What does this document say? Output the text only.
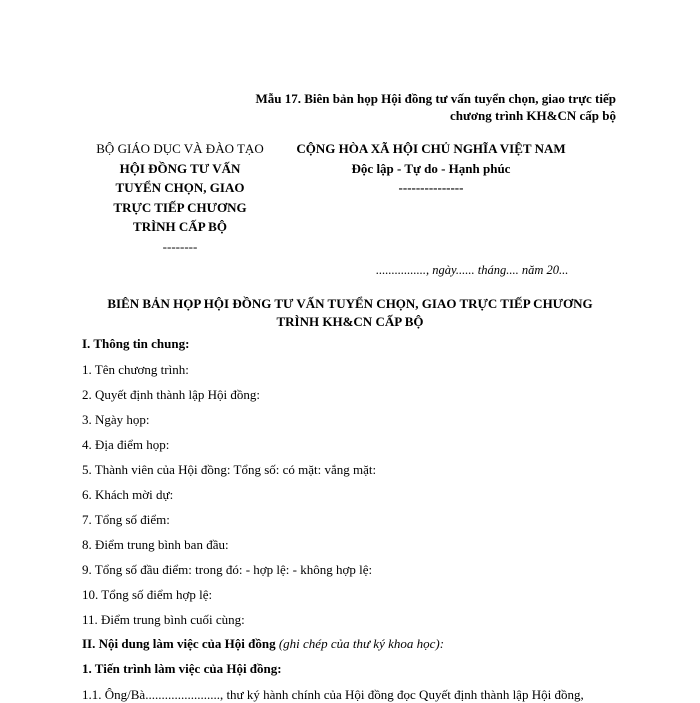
Mẫu 17. Biên bản họp Hội đồng tư vấn tuyển chọn, giao trực tiếp
chương trình KH&CN cấp bộ
BỘ GIÁO DỤC VÀ ĐÀO TẠO
HỘI ĐỒNG TƯ VẤN
TUYỂN CHỌN, GIAO
TRỰC TIẾP CHƯƠNG
TRÌNH CẤP BỘ
--------
CỘNG HÒA XÃ HỘI CHỦ NGHĨA VIỆT NAM
Độc lập - Tự do - Hạnh phúc
---------------
................, ngày...... tháng.... năm 20...
BIÊN BẢN HỌP HỘI ĐỒNG TƯ VẤN TUYỂN CHỌN, GIAO TRỰC TIẾP CHƯƠNG
TRÌNH KH&CN CẤP BỘ
I. Thông tin chung:
1. Tên chương trình:
2. Quyết định thành lập Hội đồng:
3. Ngày họp:
4. Địa điểm họp:
5. Thành viên của Hội đồng: Tổng số: có mặt: vắng mặt:
6. Khách mời dự:
7. Tổng số điểm:
8. Điểm trung bình ban đầu:
9. Tổng số đầu điểm: trong đó: - hợp lệ: - không hợp lệ:
10. Tổng số điểm hợp lệ:
11. Điểm trung bình cuối cùng:
II. Nội dung làm việc của Hội đồng (ghi chép của thư ký khoa học):
1. Tiến trình làm việc của Hội đồng:
1.1. Ông/Bà......................., thư ký hành chính của Hội đồng đọc Quyết định thành lập Hội đồng,
